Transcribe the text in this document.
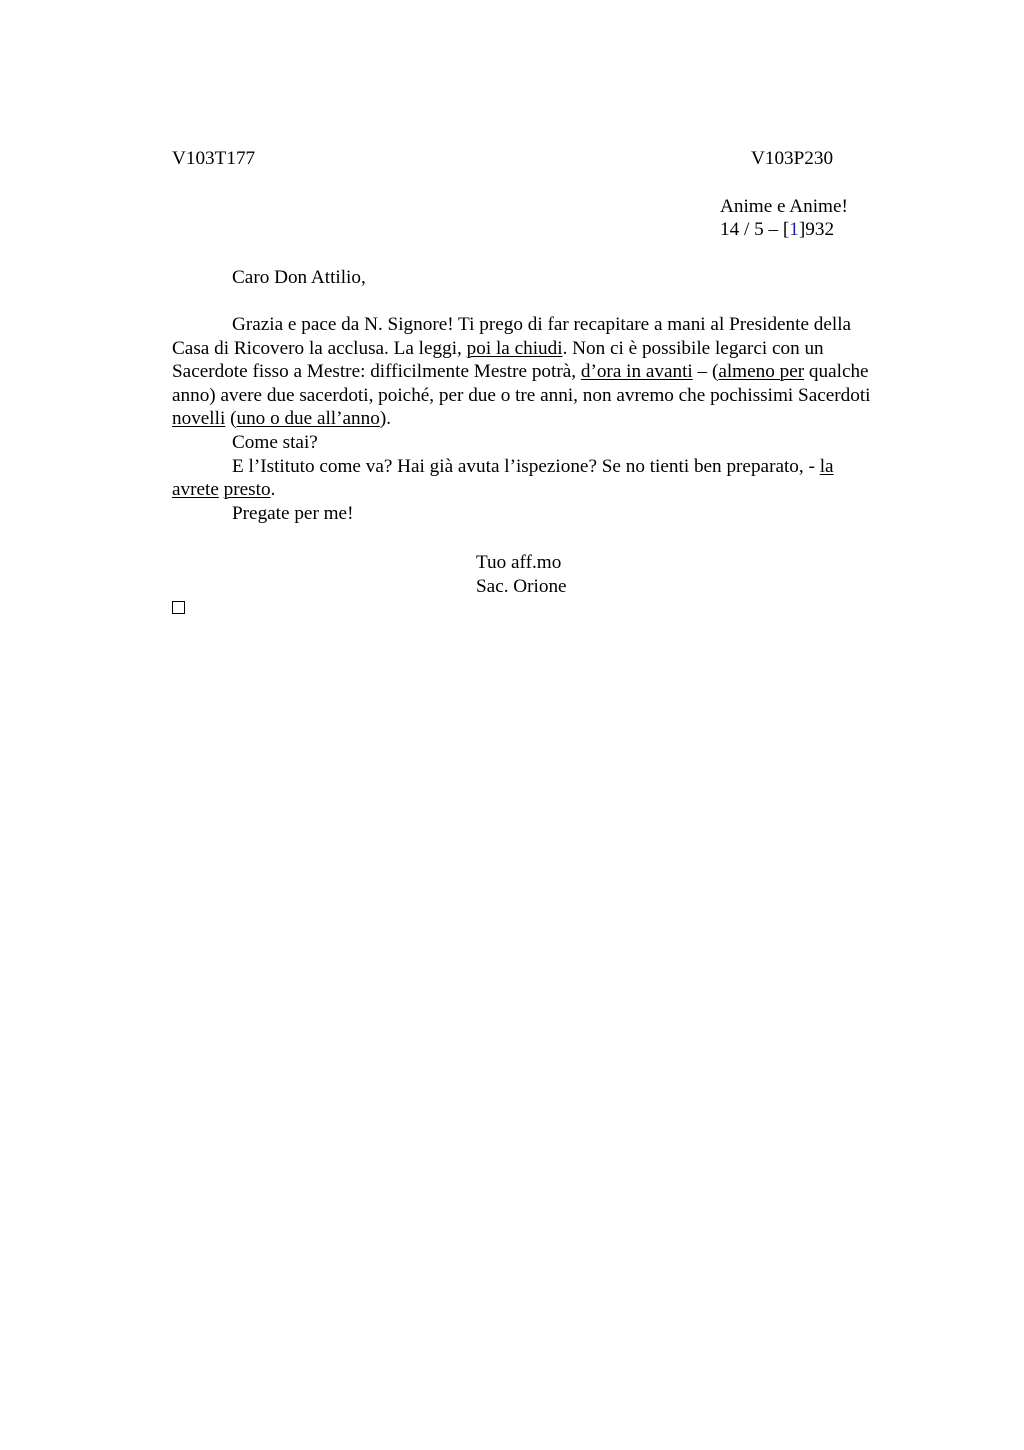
V103T177	V103P230
Anime e Anime!
14 / 5 – [1]932
Caro Don Attilio,
Grazia e pace da N. Signore! Ti prego di far recapitare a mani al Presidente della
Casa di Ricovero la acclusa. La leggi, poi la chiudi. Non ci è possibile legarci con un
Sacerdote fisso a Mestre: difficilmente Mestre potrà, d’ora in avanti – (almeno per qualche
anno) avere due sacerdoti, poiché, per due o tre anni, non avremo che pochissimi Sacerdoti
novelli (uno o due all’anno).
Come stai?
E l’Istituto come va? Hai già avuta l’ispezione? Se no tienti ben preparato, - la
avrete presto.
Pregate per me!
Tuo aff.mo
Sac. Orione
